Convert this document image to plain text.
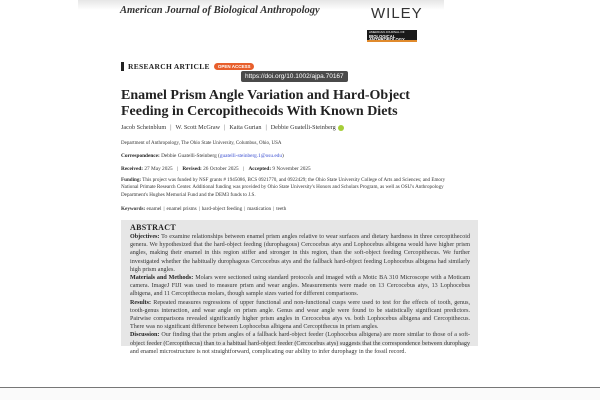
American Journal of Biological Anthropology	WILEY
AMERICAN JOURNAL OF
BIOLOGICAL ANTHROPOLOGY
RESEARCH ARTICLE	OPEN ACCESS
https://doi.org/10.1002/ajpa.70167
Enamel Prism Angle Variation and Hard-Object Feeding in Cercopithecoids With Known Diets
Jacob Scheinblum | W. Scott McGraw | Kaita Gurian | Debbie Guatelli-Steinberg
Department of Anthropology, The Ohio State University, Columbus, Ohio, USA
Correspondence: Debbie Guatelli-Steinberg (guatelli-steinberg.1@osu.edu)
Received: 27 May 2025 | Revised: 26 October 2025 | Accepted: 9 November 2025
Funding: This project was funded by NSF grants # 1945086, BCS 0921770, and 0922429; the Ohio State University College of Arts and Sciences; and Emory National Primate Research Center. Additional funding was provided by Ohio State University's Honors and Scholars Program, as well as OSU's Anthropology Department's Hughes Memorial Fund and the DEM3 funds to J.S.
Keywords: enamel | enamel prisms | hard-object feeding | mastication | teeth
ABSTRACT
Objectives: To examine relationships between enamel prism angles relative to wear surfaces and dietary hardness in three cercopithecoid genera. We hypothesized that the hard-object feeding (durophagous) Cercocebus atys and Lophocebus albigena would have higher prism angles, making their enamel in this region stiffer and stronger in this region, than the soft-object feeding Cercopithecus. We further investigated whether the habitually durophagous Cercocebus atys and the fallback hard-object feeding Lophocebus albigena had similarly high prism angles.
Materials and Methods: Molars were sectioned using standard protocols and imaged with a Motic BA 310 Microscope with a Moticam camera. ImageJ FIJI was used to measure prism and wear angles. Measurements were made on 13 Cercocebus atys, 13 Lophocebus albigena, and 11 Cercopithecus molars, though sample sizes varied for different comparisons.
Results: Repeated measures regressions of upper functional and non-functional cusps were used to test for the effects of tooth, genus, tooth-genus interaction, and wear angle on prism angle. Genus and wear angle were found to be statistically significant predictors. Pairwise comparisons revealed significantly higher prism angles in Cercocebus atys vs. both Lophocebus albigena and Cercopithecus. There was no significant difference between Lophocebus albigena and Cercopithecus in prism angles.
Discussion: Our finding that the prism angles of a fallback hard-object feeder (Lophocebus albigena) are more similar to those of a soft-object feeder (Cercopithecus) than to a habitual hard-object feeder (Cercocebus atys) suggests that the correspondence between durophagy and enamel microstructure is not straightforward, complicating our ability to infer durophagy in the fossil record.
